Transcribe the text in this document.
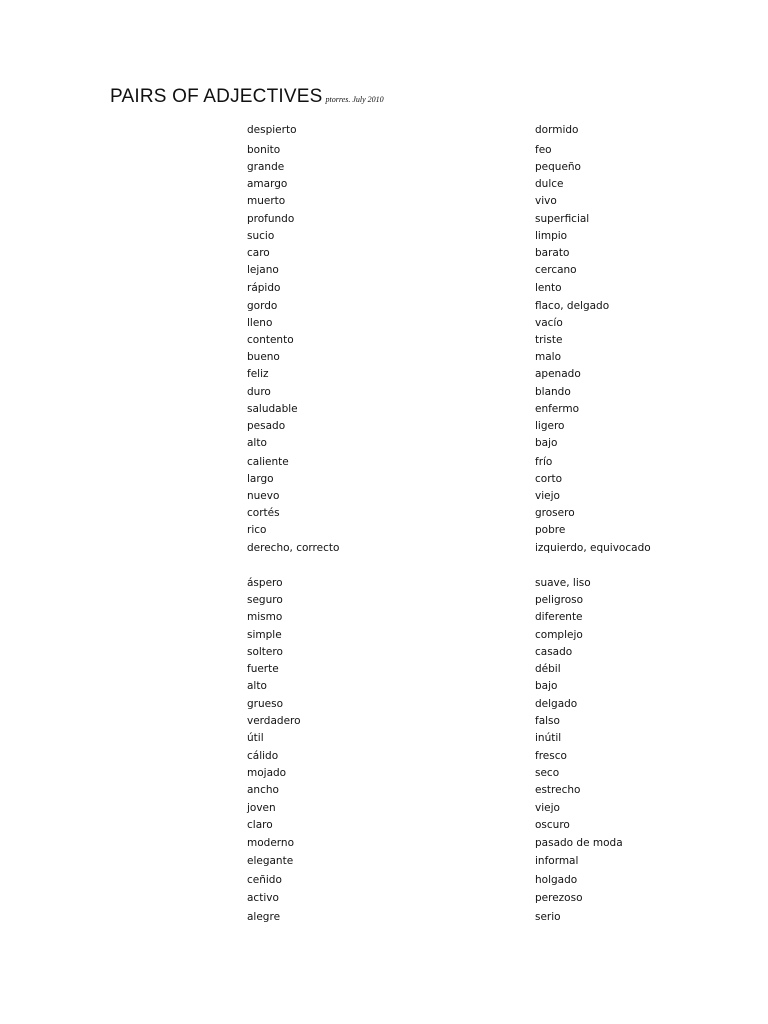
PAIRS OF ADJECTIVES ptorres. July 2010
despierto	dormido
bonito	feo
grande	pequeño
amargo	dulce
muerto	vivo
profundo	superficial
sucio	limpio
caro	barato
lejano	cercano
rápido	lento
gordo	flaco, delgado
lleno	vacío
contento	triste
bueno	malo
feliz	apenado
duro	blando
saludable	enfermo
pesado	ligero
alto	bajo
caliente	frío
largo	corto
nuevo	viejo
cortés	grosero
rico	pobre
derecho, correcto	izquierdo, equivocado
áspero	suave, liso
seguro	peligroso
mismo	diferente
simple	complejo
soltero	casado
fuerte	débil
alto	bajo
grueso	delgado
verdadero	falso
útil	inútil
cálido	fresco
mojado	seco
ancho	estrecho
joven	viejo
claro	oscuro
moderno	pasado de moda
elegante	informal
ceñido	holgado
activo	perezoso
alegre	serio
